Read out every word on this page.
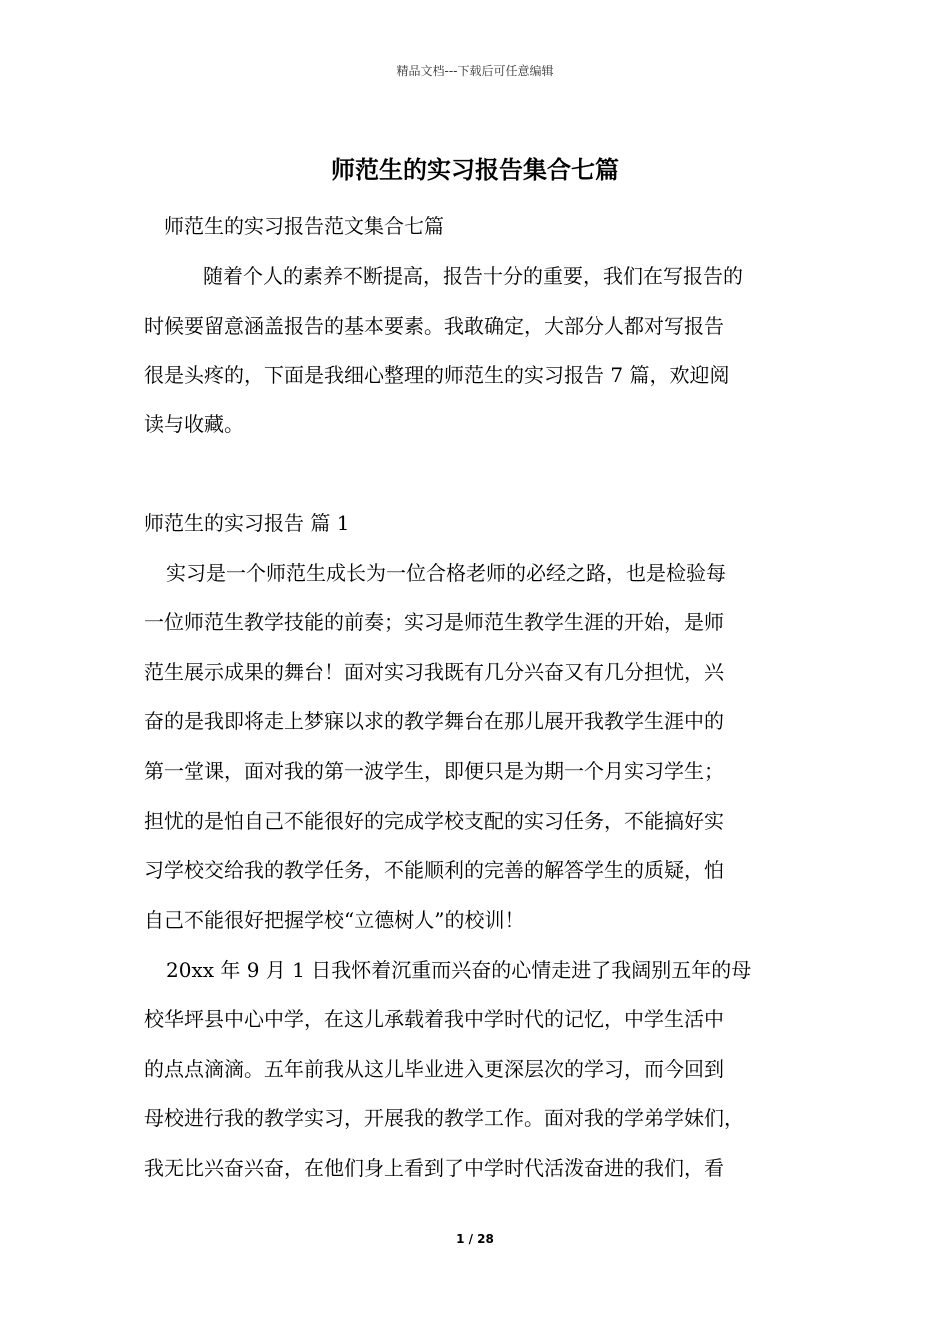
精品文档---下载后可任意编辑
师范生的实习报告集合七篇
师范生的实习报告范文集合七篇
随着个人的素养不断提高，报告十分的重要，我们在写报告的
时候要留意涵盖报告的基本要素。我敢确定，大部分人都对写报告
很是头疼的，下面是我细心整理的师范生的实习报告 7 篇，欢迎阅
读与收藏。
师范生的实习报告 篇 1
实习是一个师范生成长为一位合格老师的必经之路，也是检验每
一位师范生教学技能的前奏；实习是师范生教学生涯的开始，是师
范生展示成果的舞台！面对实习我既有几分兴奋又有几分担忧，兴
奋的是我即将走上梦寐以求的教学舞台在那儿展开我教学生涯中的
第一堂课，面对我的第一波学生，即便只是为期一个月实习学生；
担忧的是怕自己不能很好的完成学校支配的实习任务，不能搞好实
习学校交给我的教学任务，不能顺利的完善的解答学生的质疑，怕
自己不能很好把握学校“立德树人”的校训！
20xx 年 9 月 1 日我怀着沉重而兴奋的心情走进了我阔别五年的母
校华坪县中心中学，在这儿承载着我中学时代的记忆，中学生活中
的点点滴滴。五年前我从这儿毕业进入更深层次的学习，而今回到
母校进行我的教学实习，开展我的教学工作。面对我的学弟学妹们，
我无比兴奋兴奋，在他们身上看到了中学时代活泼奋进的我们，看
1 / 28
